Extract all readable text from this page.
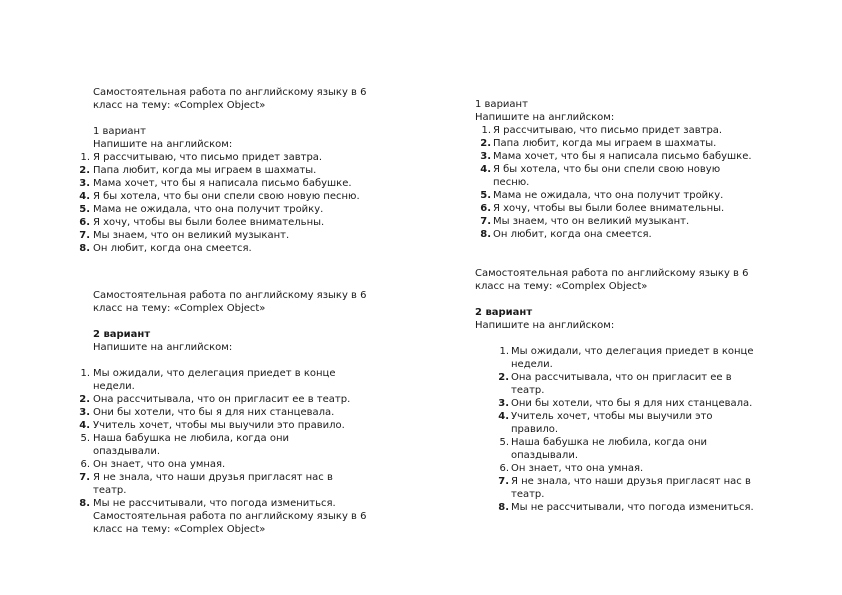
Самостоятельная работа по английскому языку в 6

класс на тему: «Complex Object»

1 вариант

Напишите на английском:

1. Я рассчитываю, что письмо придет завтра.
2. Папа любит, когда мы играем в шахматы.
3. Мама хочет, что бы я написала письмо бабушке.
4. Я бы хотела, что бы они спели свою новую песню.
5. Мама не ожидала, что она получит тройку.
6. Я хочу, чтобы вы были более внимательны.
7. Мы знаем, что он великий музыкант.
8. Он любит, когда она смеется.

Самостоятельная работа по английскому языку в 6

класс на тему: «Complex Object»

2 вариант

Напишите на английском:

1. Мы ожидали, что делегация приедет в конце
недели.
2. Она рассчитывала, что он пригласит ее в театр.
3. Они бы хотели, что бы я для них станцевала.
4. Учитель хочет, чтобы мы выучили это правило.
5. Наша бабушка не любила, когда они
опаздывали.
6. Он знает, что она умная.
7. Я не знала, что наши друзья пригласят нас в
театр.
8. Мы не рассчитывали, что погода измениться.

Самостоятельная работа по английскому языку в 6

класс на тему: «Complex Object»

1 вариант

Напишите на английском:

1. Я рассчитываю, что письмо придет завтра.
2. Папа любит, когда мы играем в шахматы.
3. Мама хочет, что бы я написала письмо бабушке.
4. Я бы хотела, что бы они спели свою новую
песню.
5. Мама не ожидала, что она получит тройку.
6. Я хочу, чтобы вы были более внимательны.
7. Мы знаем, что он великий музыкант.
8. Он любит, когда она смеется.

Самостоятельная работа по английскому языку в 6

класс на тему: «Complex Object»

2 вариант

Напишите на английском:

1. Мы ожидали, что делегация приедет в конце
недели.
2. Она рассчитывала, что он пригласит ее в
театр.
3. Они бы хотели, что бы я для них станцевала.
4. Учитель хочет, чтобы мы выучили это
правило.
5. Наша бабушка не любила, когда они
опаздывали.
6. Он знает, что она умная.
7. Я не знала, что наши друзья пригласят нас в
театр.
8. Мы не рассчитывали, что погода измениться.
